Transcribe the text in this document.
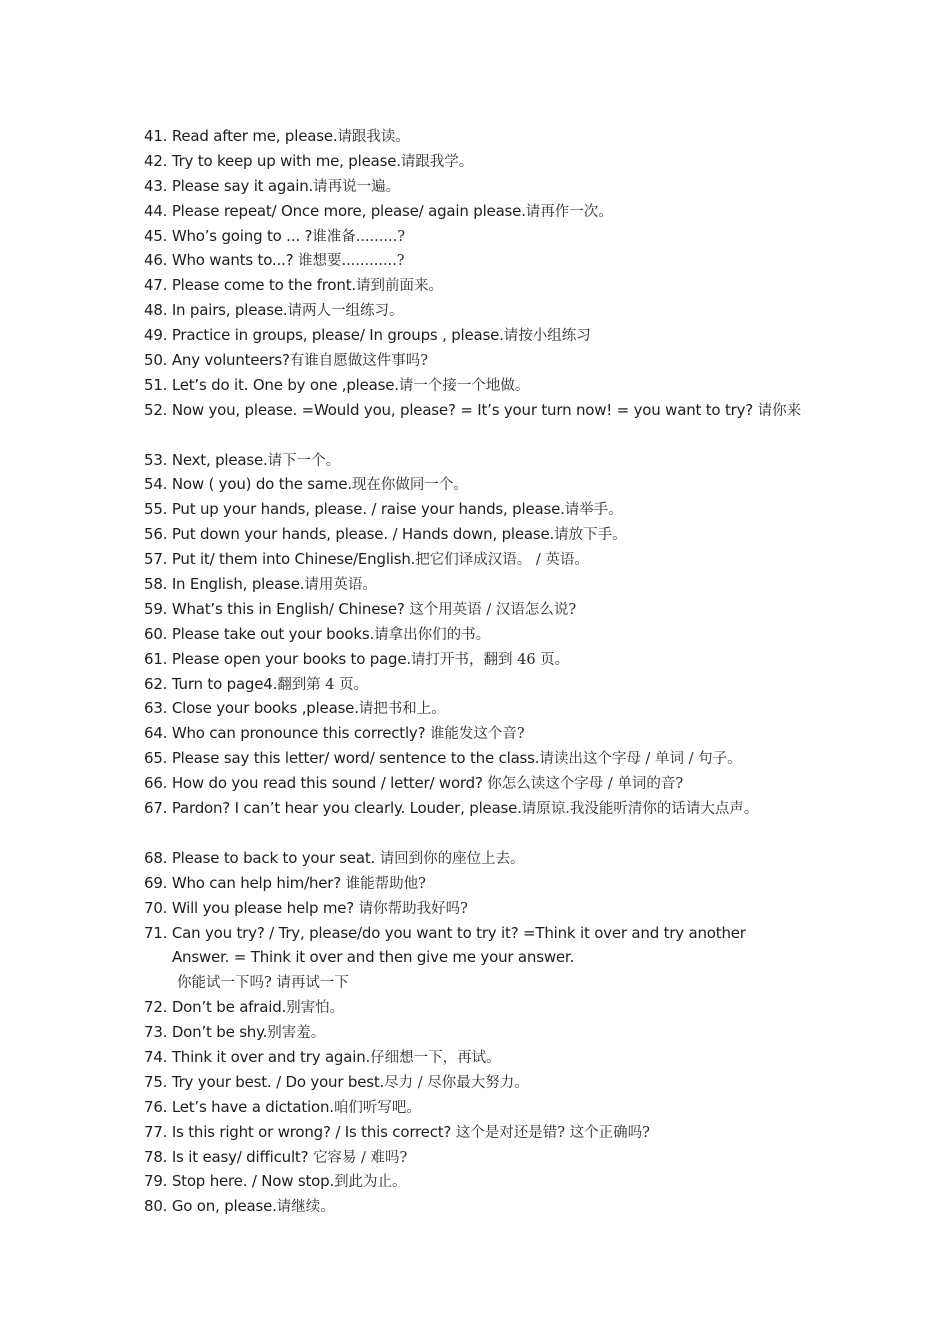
41. Read after me, please.请跟我读。
42. Try to keep up with me, please.请跟我学。
43. Please say it again.请再说一遍。
44. Please repeat/ Once more, please/ again please.请再作一次。
45. Who’s going to ... ?谁准备.........?
46. Who wants to...? 谁想要............?
47. Please come to the front.请到前面来。
48. In pairs, please.请两人一组练习。
49. Practice in groups, please/ In groups , please.请按小组练习
50. Any volunteers?有谁自愿做这件事吗?
51. Let’s do it. One by one ,please.请一个接一个地做。
52. Now you, please. =Would you, please? = It’s your turn now! = you want to try? 请你来
53. Next, please.请下一个。
54. Now ( you) do the same.现在你做同一个。
55. Put up your hands, please. / raise your hands, please.请举手。
56. Put down your hands, please. / Hands down, please.请放下手。
57. Put it/ them into Chinese/English.把它们译成汉语。 / 英语。
58. In English, please.请用英语。
59. What’s this in English/ Chinese? 这个用英语 / 汉语怎么说?
60. Please take out your books.请拿出你们的书。
61. Please open your books to page.请打开书，翻到 46 页。
62. Turn to page4.翻到第 4 页。
63. Close your books ,please.请把书和上。
64. Who can pronounce this correctly? 谁能发这个音?
65. Please say this letter/ word/ sentence to the class.请读出这个字母 / 单词 / 句子。
66. How do you read this sound / letter/ word? 你怎么读这个字母 / 单词的音?
67. Pardon? I can’t hear you clearly. Louder, please.请原谅.我没能听清你的话请大点声。
68. Please to back to your seat. 请回到你的座位上去。
69. Who can help him/her? 谁能帮助他?
70. Will you please help me? 请你帮助我好吗?
71. Can you try? / Try, please/do you want to try it? =Think it over and try another
Answer. = Think it over and then give me your answer.
你能试一下吗? 请再试一下
72. Don’t be afraid.别害怕。
73. Don’t be shy.别害羞。
74. Think it over and try again.仔细想一下，再试。
75. Try your best. / Do your best.尽力 / 尽你最大努力。
76. Let’s have a dictation.咱们听写吧。
77. Is this right or wrong? / Is this correct? 这个是对还是错? 这个正确吗?
78. Is it easy/ difficult? 它容易 / 难吗?
79. Stop here. / Now stop.到此为止。
80. Go on, please.请继续。
